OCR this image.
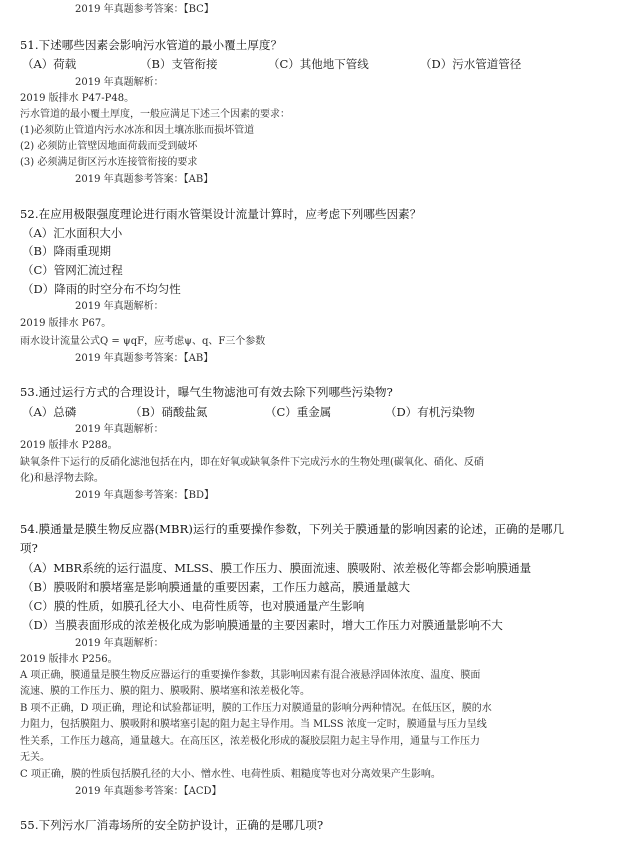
2019 年真题参考答案：【BC】
51.下述哪些因素会影响污水管道的最小覆土厚度？
（A）荷载	（B）支管衔接	（C）其他地下管线	（D）污水管道管径
2019 年真题解析：
2019 版排水 P47-P48。
污水管道的最小覆土厚度，一般应满足下述三个因素的要求：
(1)必须防止管道内污水冰冻和因土壤冻胀而损坏管道
(2) 必须防止管壁因地面荷载而受到破坏
(3) 必须满足街区污水连接管衔接的要求
2019 年真题参考答案：【AB】
52.在应用极限强度理论进行雨水管渠设计流量计算时，应考虑下列哪些因素？
（A）汇水面积大小
（B）降雨重现期
（C）管网汇流过程
（D）降雨的时空分布不均匀性
2019 年真题解析：
2019 版排水 P67。
雨水设计流量公式Q = ψqF，应考虑ψ、q、F三个参数
2019 年真题参考答案：【AB】
53.通过运行方式的合理设计，曝气生物滤池可有效去除下列哪些污染物?
（A）总磷	（B）硝酸盐氮	（C）重金属	（D）有机污染物
2019 年真题解析：
2019 版排水 P288。
缺氧条件下运行的反硝化滤池包括在内，即在好氧或缺氧条件下完成污水的生物处理(碳氧化、硝化、反硝
化)和悬浮物去除。
2019 年真题参考答案：【BD】
54.膜通量是膜生物反应器(MBR)运行的重要操作参数，下列关于膜通量的影响因素的论述，正确的是哪几
项?
（A）MBR系统的运行温度、MLSS、膜工作压力、膜面流速、膜吸附、浓差极化等都会影响膜通量
（B）膜吸附和膜堵塞是影响膜通量的重要因素，工作压力越高，膜通量越大
（C）膜的性质，如膜孔径大小、电荷性质等，也对膜通量产生影响
（D）当膜表面形成的浓差极化成为影响膜通量的主要因素时，增大工作压力对膜通量影响不大
2019 年真题解析：
2019 版排水 P256。
A 项正确，膜通量是膜生物反应器运行的重要操作参数，其影响因素有混合液悬浮固体浓度、温度、膜面
流速、膜的工作压力、膜的阻力、膜吸附、膜堵塞和浓差极化等。
B 项不正确，D 项正确，理论和试验都证明，膜的工作压力对膜通量的影响分两种情况。在低压区，膜的水
力阻力，包括膜阻力、膜吸附和膜堵塞引起的阻力起主导作用。当 MLSS 浓度一定时，膜通量与压力呈线
性关系，工作压力越高，通量越大。在高压区，浓差极化形成的凝胶层阻力起主导作用，通量与工作压力
无关。
C 项正确，膜的性质包括膜孔径的大小、憎水性、电荷性质、粗糙度等也对分离效果产生影响。
2019 年真题参考答案：【ACD】
55.下列污水厂消毒场所的安全防护设计，正确的是哪几项?
